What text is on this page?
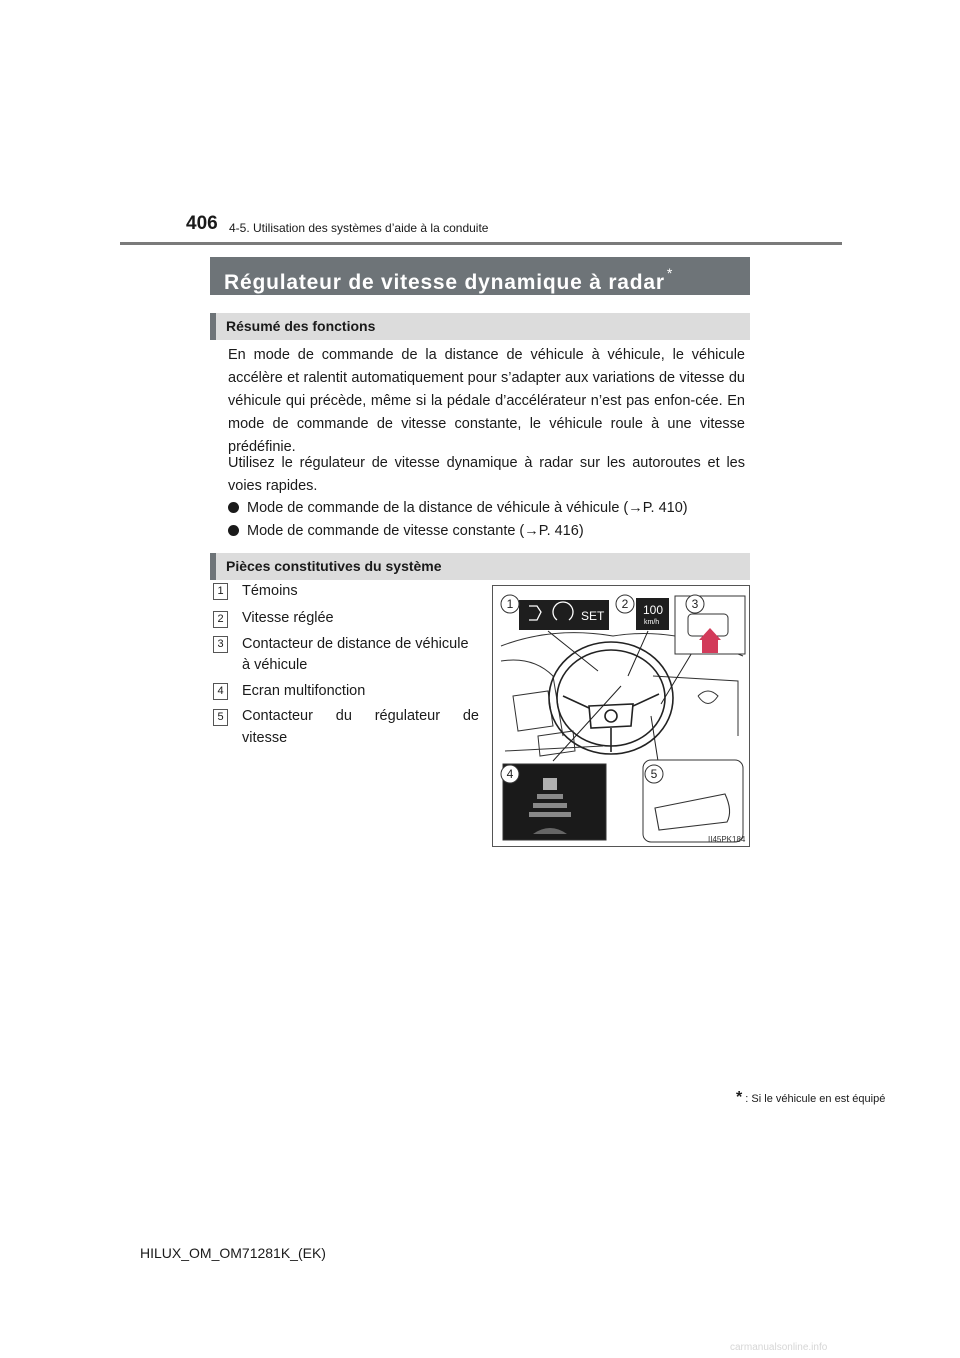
406 4-5. Utilisation des systèmes d’aide à la conduite
Régulateur de vitesse dynamique à radar *
Résumé des fonctions
En mode de commande de la distance de véhicule à véhicule, le véhicule accélère et ralentit automatiquement pour s’adapter aux variations de vitesse du véhicule qui précède, même si la pédale d’accélérateur n’est pas enfon-cée. En mode de commande de vitesse constante, le véhicule roule à une vitesse prédéfinie.
Utilisez le régulateur de vitesse dynamique à radar sur les autoroutes et les voies rapides.
Mode de commande de la distance de véhicule à véhicule (→P. 410)
Mode de commande de vitesse constante (→P. 416)
Pièces constitutives du système
1	Témoins
2	Vitesse réglée
3	Contacteur de distance de véhicule
à véhicule
4	Ecran multifonction
5	Contacteur du régulateur de
vitesse
SET	100
km/h
1	2	3
4	5
II45PK184
* : Si le véhicule en est équipé
HILUX_OM_OM71281K_(EK)
carmanualsonline.info
